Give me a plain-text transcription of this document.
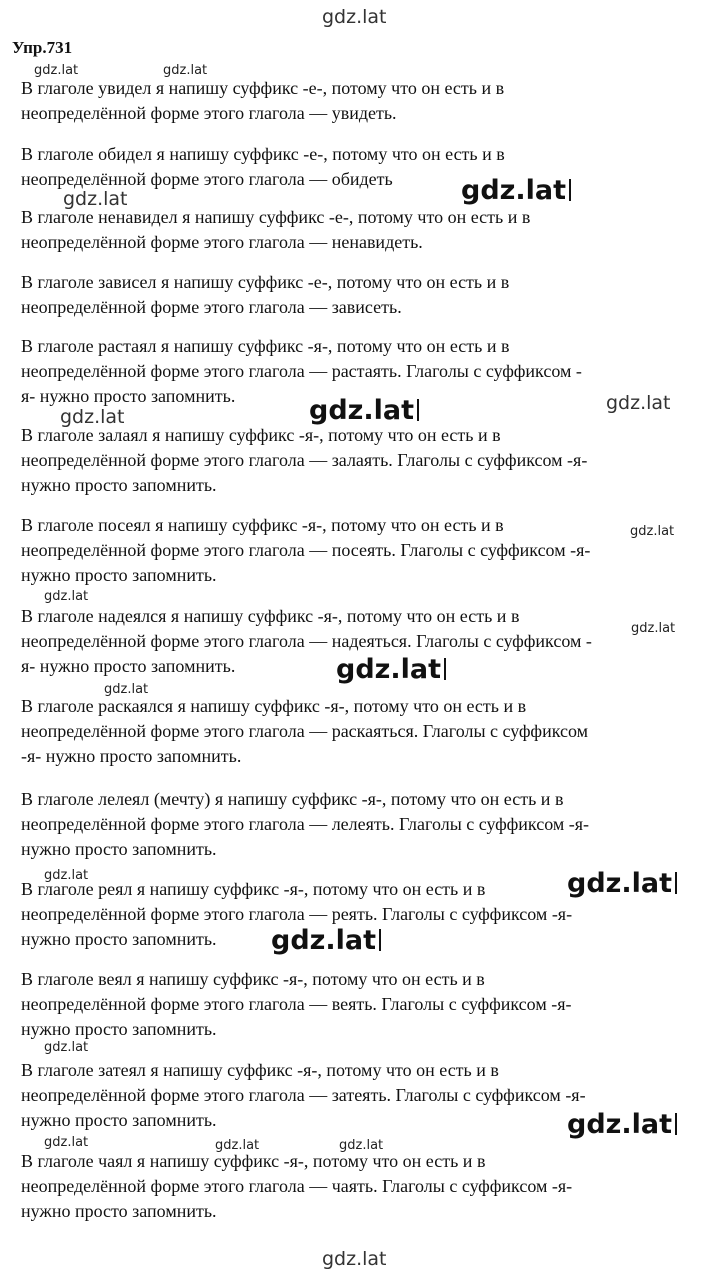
gdz.lat
Упр.731
В глаголе увидел я напишу суффикс -е-, потому что он есть и в
неопределённой форме этого глагола — увидеть.
В глаголе обидел я напишу суффикс -е-, потому что он есть и в
неопределённой форме этого глагола — обидеть
В глаголе ненавидел я напишу суффикс -е-, потому что он есть и в
неопределённой форме этого глагола — ненавидеть.
В глаголе зависел я напишу суффикс -е-, потому что он есть и в
неопределённой форме этого глагола — зависеть.
В глаголе растаял я напишу суффикс -я-, потому что он есть и в
неопределённой форме этого глагола — растаять. Глаголы с суффиксом -
я- нужно просто запомнить.
В глаголе залаял я напишу суффикс -я-, потому что он есть и в
неопределённой форме этого глагола — залаять. Глаголы с суффиксом -я-
нужно просто запомнить.
В глаголе посеял я напишу суффикс -я-, потому что он есть и в
неопределённой форме этого глагола — посеять. Глаголы с суффиксом -я-
нужно просто запомнить.
В глаголе надеялся я напишу суффикс -я-, потому что он есть и в
неопределённой форме этого глагола — надеяться. Глаголы с суффиксом -
я- нужно просто запомнить.
В глаголе раскаялся я напишу суффикс -я-, потому что он есть и в
неопределённой форме этого глагола — раскаяться. Глаголы с суффиксом
-я- нужно просто запомнить.
В глаголе лелеял (мечту) я напишу суффикс -я-, потому что он есть и в
неопределённой форме этого глагола — лелеять. Глаголы с суффиксом -я-
нужно просто запомнить.
В глаголе реял я напишу суффикс -я-, потому что он есть и в
неопределённой форме этого глагола — реять. Глаголы с суффиксом -я-
нужно просто запомнить.
В глаголе веял я напишу суффикс -я-, потому что он есть и в
неопределённой форме этого глагола — веять. Глаголы с суффиксом -я-
нужно просто запомнить.
В глаголе затеял я напишу суффикс -я-, потому что он есть и в
неопределённой форме этого глагола — затеять. Глаголы с суффиксом -я-
нужно просто запомнить.
В глаголе чаял я напишу суффикс -я-, потому что он есть и в
неопределённой форме этого глагола — чаять. Глаголы с суффиксом -я-
нужно просто запомнить.
gdz.lat	gdz.lat
gdz.lat
gdz.lat
gdz.lat
gdz.lat
gdz.lat
gdz.lat
gdz.lat
gdz.lat
gdz.lat
gdz.lat
gdz.lat	gdz.lat
gdz.lat
gdz.lat
gdz.lat
gdz.lat	gdz.lat	gdz.lat
gdz.lat
